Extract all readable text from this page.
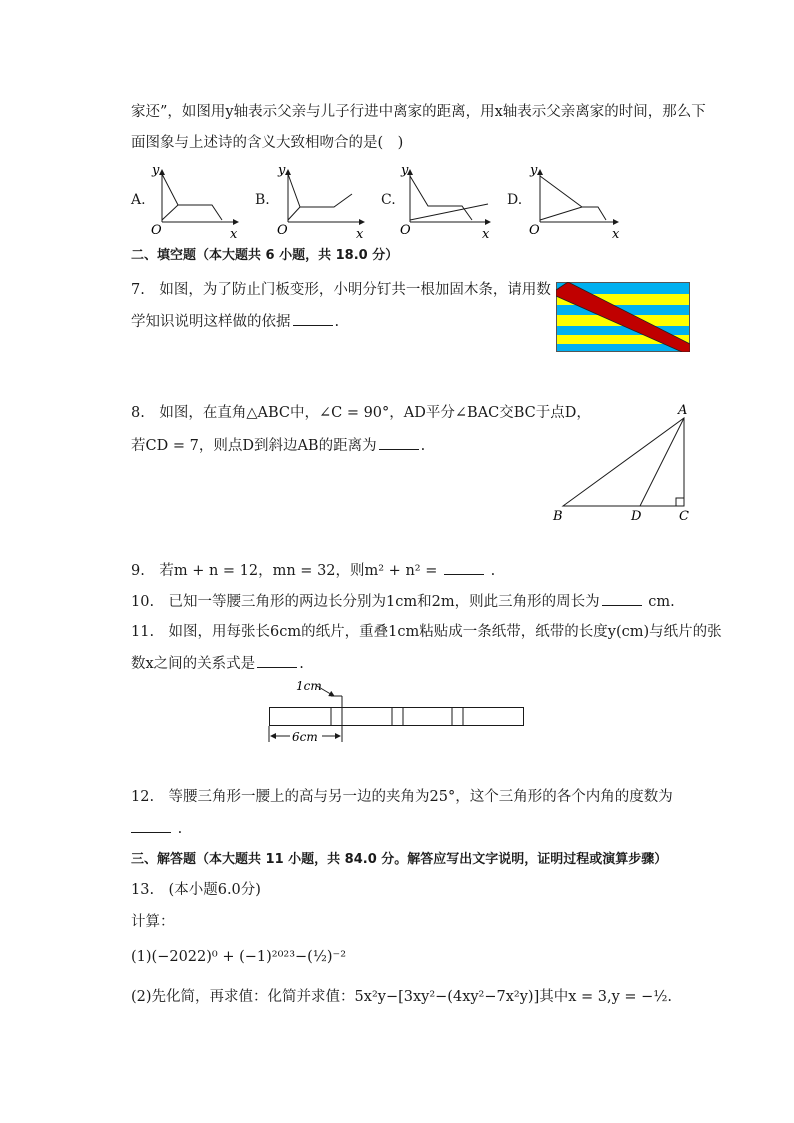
家还”，如图用y轴表示父亲与儿子行进中离家的距离，用x轴表示父亲离家的时间，那么下
面图象与上述诗的含义大致相吻合的是(　)
A.	B.	C.	D.
y
x
O
y
x
O
y
x
O
y
x
O
二、填空题（本大题共 6 小题，共 18.0 分）
7.　如图，为了防止门板变形，小明分钉共一根加固木条，请用数
学知识说明这样做的依据	.
8.　如图，在直角△ABC中，∠C = 90°，AD平分∠BAC交BC于点D，
若CD = 7，则点D到斜边AB的距离为	.
A
B	C
D
9.　若m + n = 12，mn = 32，则m² + n² =	.
10.　已知一等腰三角形的两边长分别为1cm和2m，则此三角形的周长为	cm.
11.　如图，用每张长6cm的纸片，重叠1cm粘贴成一条纸带，纸带的长度y(cm)与纸片的张
数x之间的关系式是	.
1cm
6cm
12.　等腰三角形一腰上的高与另一边的夹角为25°，这个三角形的各个内角的度数为
.
三、解答题（本大题共 11 小题，共 84.0 分。解答应写出文字说明，证明过程或演算步骤）
13.　(本小题6.0分)
计算：
(1)(−2022)⁰ + (−1)²⁰²³−(½)⁻²
(2)先化简，再求值：化简并求值：5x²y−[3xy²−(4xy²−7x²y)]其中x = 3,y = −½.
